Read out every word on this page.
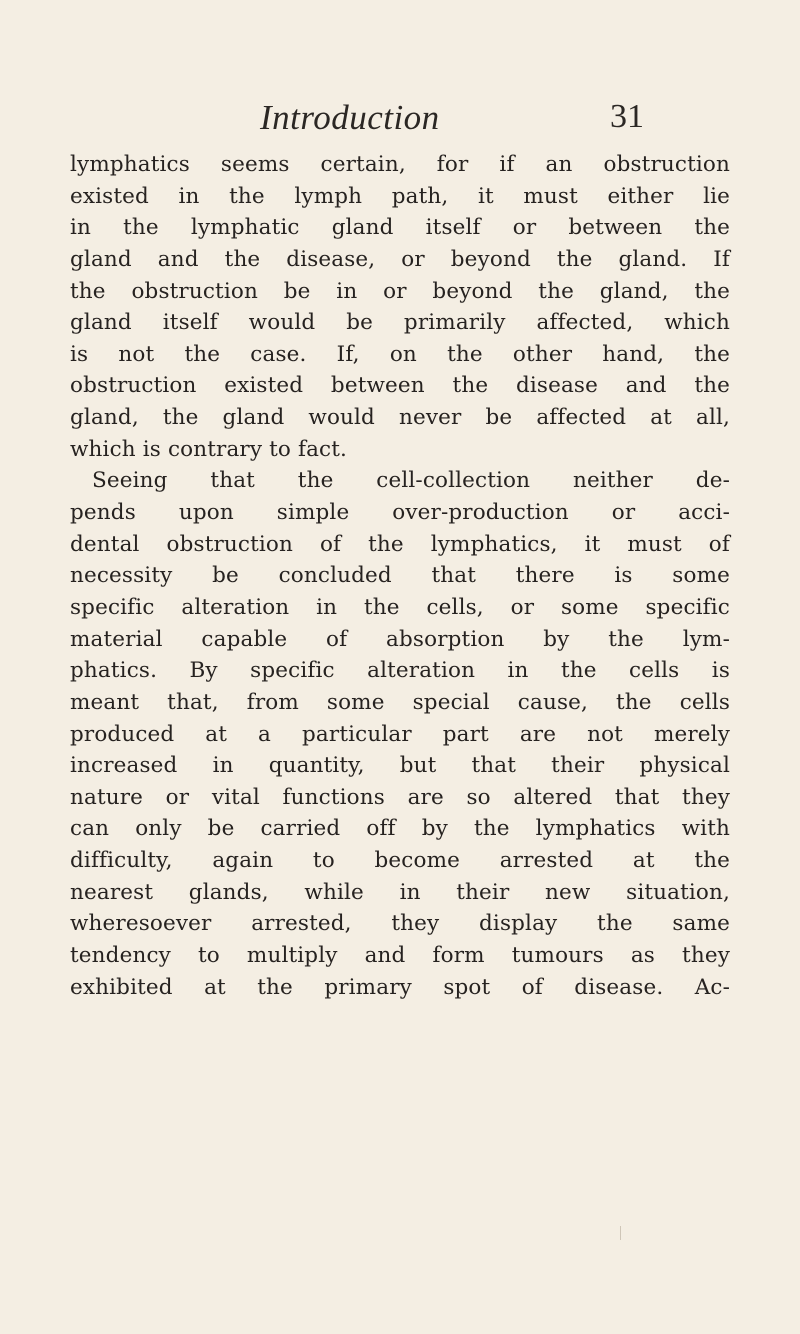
Introduction	31
lymphatics seems certain, for if an obstruction
existed in the lymph path, it must either lie
in the lymphatic gland itself or between the
gland and the disease, or beyond the gland. If
the obstruction be in or beyond the gland, the
gland itself would be primarily affected, which
is not the case. If, on the other hand, the
obstruction existed between the disease and the
gland, the gland would never be affected at all,
which is contrary to fact.
Seeing that the cell-collection neither de-
pends upon simple over-production or acci-
dental obstruction of the lymphatics, it must of
necessity be concluded that there is some
specific alteration in the cells, or some specific
material capable of absorption by the lym-
phatics. By specific alteration in the cells is
meant that, from some special cause, the cells
produced at a particular part are not merely
increased in quantity, but that their physical
nature or vital functions are so altered that they
can only be carried off by the lymphatics with
difficulty, again to become arrested at the
nearest glands, while in their new situation,
wheresoever arrested, they display the same
tendency to multiply and form tumours as they
exhibited at the primary spot of disease. Ac-
